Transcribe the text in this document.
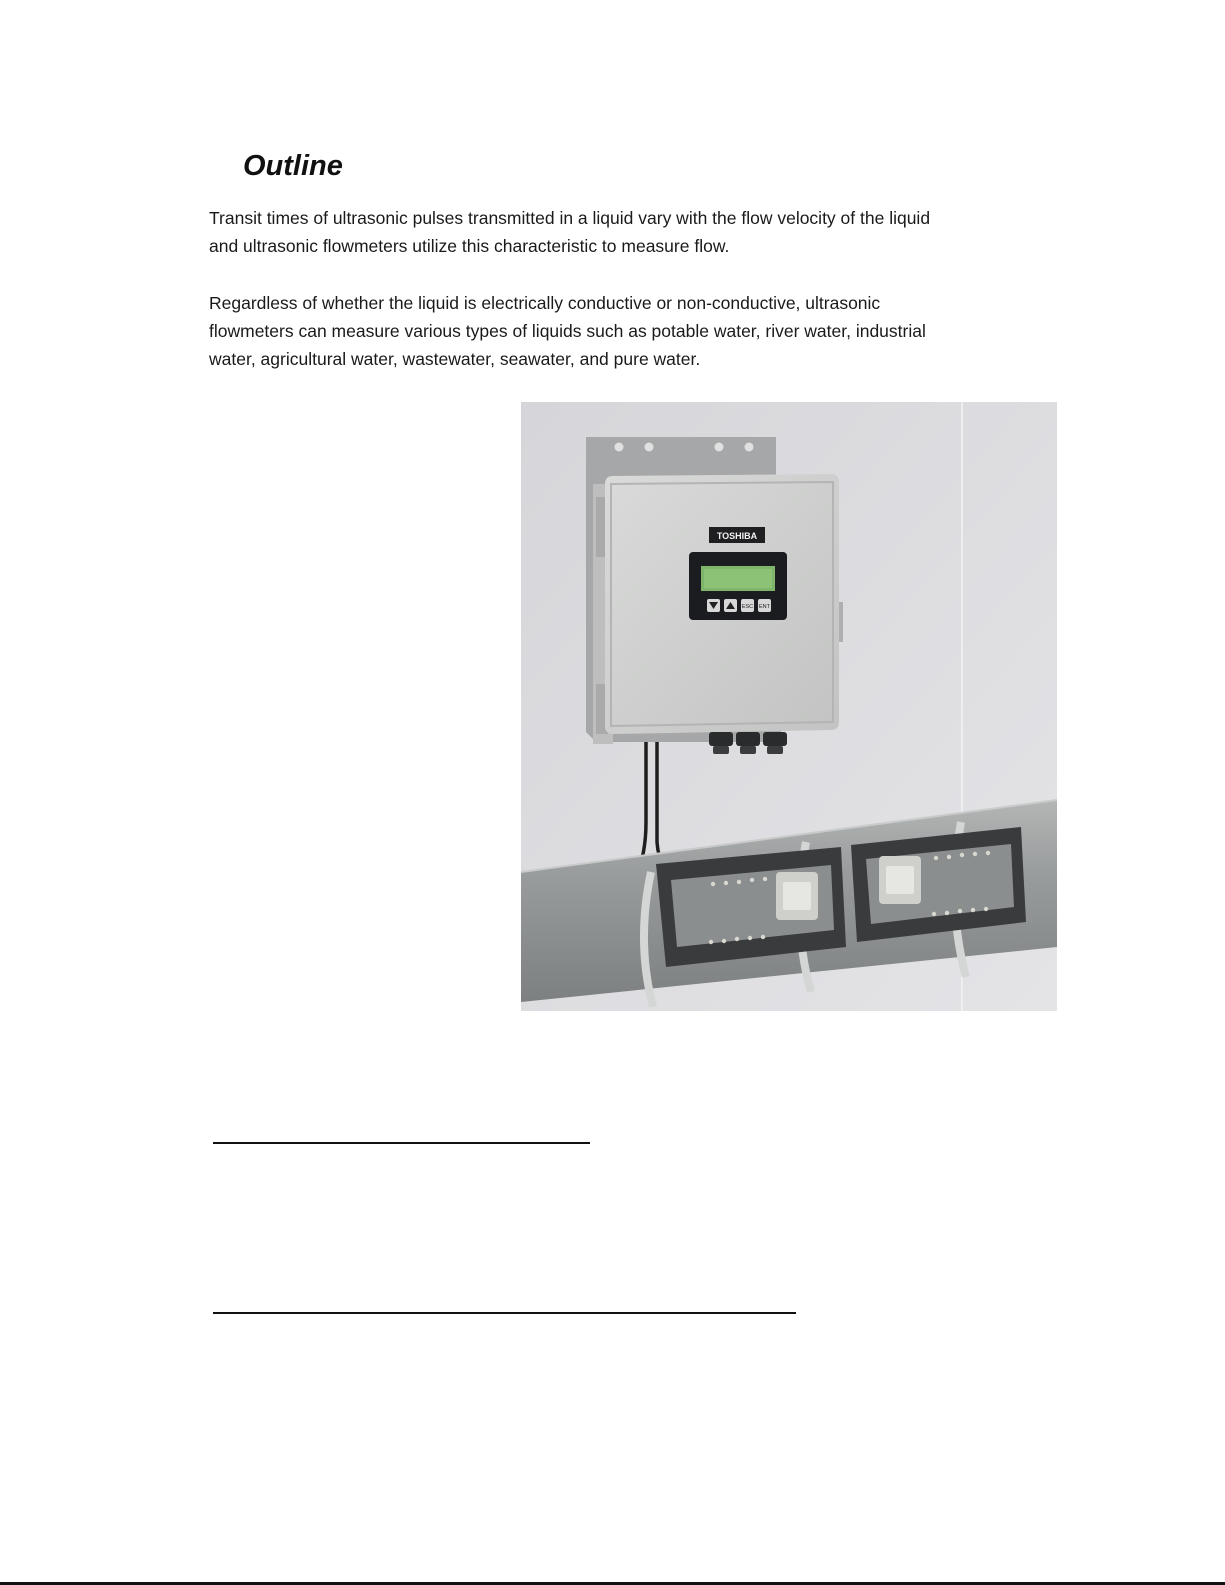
Outline

Transit times of ultrasonic pulses transmitted in a liquid vary with the flow velocity of the liquid
and ultrasonic flowmeters utilize this characteristic to measure flow.

Regardless of whether the liquid is electrically conductive or non-conductive, ultrasonic
flowmeters can measure various types of liquids such as potable water, river water, industrial
water, agricultural water, wastewater, seawater, and pure water.

TOSHIBA
ESC ENT
